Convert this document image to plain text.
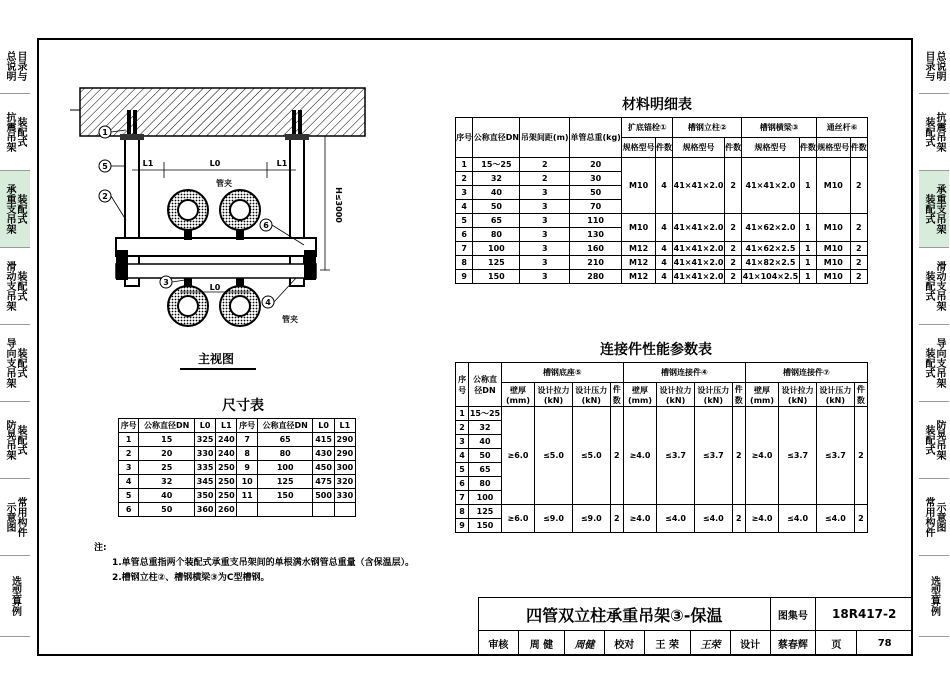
总说明 目录与
抗震吊架 装配式
承重支吊架 装配式
滑动支吊架 装配式
导向支吊架 装配式
防晃吊架 装配式
示意图 常用构件
选型算例
目录与 总说明
装配式 抗震吊架
装配式 承重支吊架
装配式 滑动支吊架
装配式 导向支吊架
装配式 防晃吊架
常用构件 示意图
选型算例
1
2
3
4
5
6
L1	L0	L1
L0
管夹
管夹
H≤3000
主视图
材料明细表
序号	公称直径DN	吊架间距(m)	单管总重(kg)	扩底锚栓①		槽钢立柱②		槽钢横梁③		通丝杆⑥	
				规格型号	件数	规格型号	件数	规格型号	件数	规格型号	件数
1	15～25	2	20	M10	4	41×41×2.0	2	41×41×2.0	1	M10	2
2	32	2	30								
3	40	3	50								
4	50	3	70								
5	65	3	110	M10	4	41×41×2.0	2	41×62×2.0	1	M10	2
6	80	3	130								
7	100	3	160	M12	4	41×41×2.0	2	41×62×2.5	1	M10	2
8	125	3	210	M12	4	41×41×2.0	2	41×82×2.5	1	M10	2
9	150	3	280	M12	4	41×41×2.0	2	41×104×2.5	1	M10	2
尺寸表
序号	公称直径DN	L0	L1	序号	公称直径DN	L0	L1
1	15	325	240	7	65	415	290
2	20	330	240	8	80	430	290
3	25	335	250	9	100	450	300
4	32	345	250	10	125	475	320
5	40	350	250	11	150	500	330
6	50	360	260				
连接件性能参数表
序号	公称直径DN	槽钢底座⑤				槽钢连接件④				槽钢连接件⑦			
		壁厚(mm)	设计拉力(kN)	设计压力(kN)	件数	壁厚(mm)	设计拉力(kN)	设计压力(kN)	件数	壁厚(mm)	设计拉力(kN)	设计压力(kN)	件数
1	15～25	≥6.0	≤5.0	≤5.0	2	≥4.0	≤3.7	≤3.7	2	≥4.0	≤3.7	≤3.7	2
2	32												
3	40												
4	50												
5	65												
6	80												
7	100												
8	125	≥6.0	≤9.0	≤9.0	2	≥4.0	≤4.0	≤4.0	2	≥4.0	≤4.0	≤4.0	2
9	150												
注:
1.单管总重指两个装配式承重支吊架间的单根满水钢管总重量（含保温层）。
2.槽钢立柱②、槽钢横梁③为C型槽钢。
四管双立柱承重吊架③-保温							图集号	18R417-2	
审核	周 健	周健	校对	王 荣	王荣	设计	蔡春辉	页	78
